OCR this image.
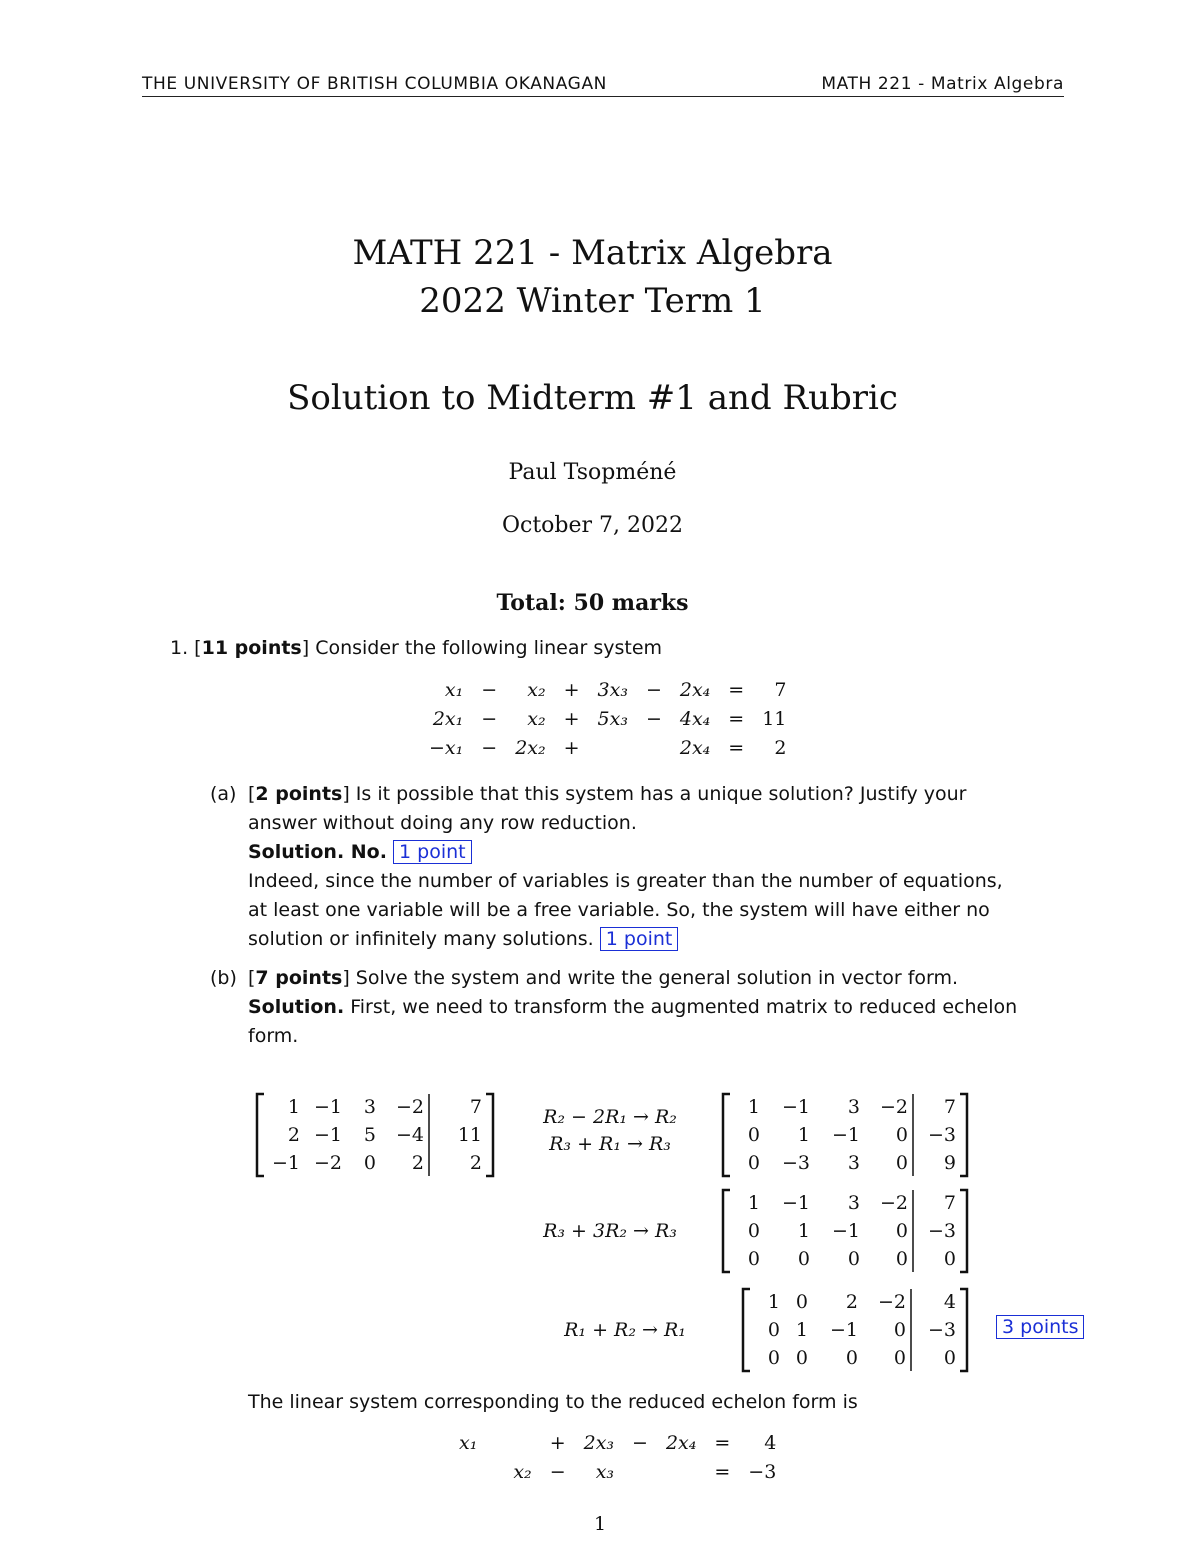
THE UNIVERSITY OF BRITISH COLUMBIA OKANAGAN	MATH 221 - Matrix Algebra
MATH 221 - Matrix Algebra
2022 Winter Term 1
Solution to Midterm #1 and Rubric
Paul Tsopméné
October 7, 2022
Total: 50 marks
1. [11 points] Consider the following linear system
x₁	−	x₂	+	3x₃	−	2x₄	=	7
2x₁	−	x₂	+	5x₃	−	4x₄	=	11
−x₁	−	2x₂	+			2x₄	=	2
(a) [2 points] Is it possible that this system has a unique solution? Justify your
answer without doing any row reduction.
Solution. No. 1 point
Indeed, since the number of variables is greater than the number of equations,
at least one variable will be a free variable. So, the system will have either no
solution or infinitely many solutions. 1 point
(b) [7 points] Solve the system and write the general solution in vector form.
Solution. First, we need to transform the augmented matrix to reduced echelon
form.
1	−1	3	−2	7
2	−1	5	−4	11
−1	−2	0	2	2
R₂ − 2R₁ → R₂
R₃ + R₁ → R₃
1	−1	3	−2	7
0	1	−1	0	−3
0	−3	3	0	9
R₃ + 3R₂ → R₃
1	−1	3	−2	7
0	1	−1	0	−3
0	0	0	0	0
R₁ + R₂ → R₁
1	0	2	−2	4
0	1	−1	0	−3
0	0	0	0	0
3 points
The linear system corresponding to the reduced echelon form is
x₁			+	2x₃	−	2x₄	=	4
		x₂	−	x₃			=	−3
1
